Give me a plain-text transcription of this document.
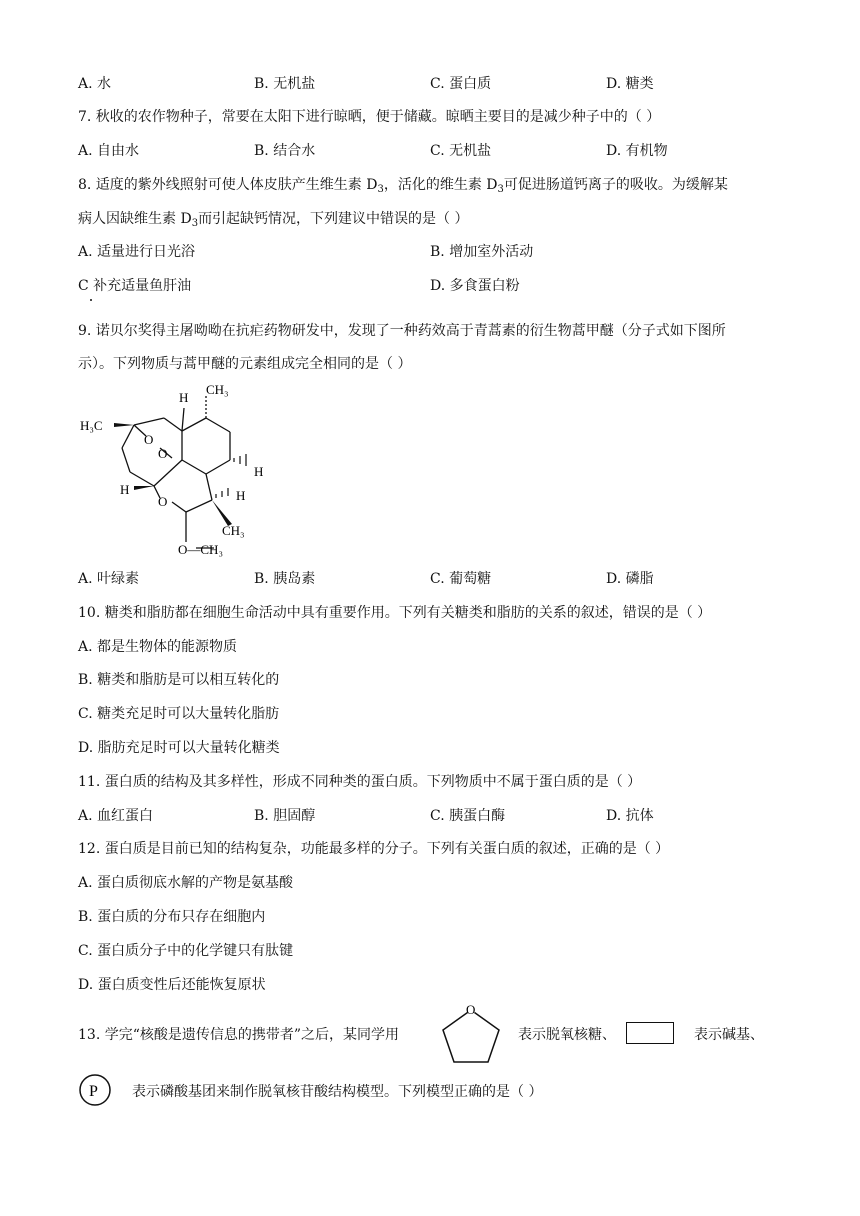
A. 水	B. 无机盐	C. 蛋白质	D. 糖类
7. 秋收的农作物种子，常要在太阳下进行晾晒，便于储藏。晾晒主要目的是减少种子中的（ ）
A. 自由水	B. 结合水	C. 无机盐	D. 有机物
8. 适度的紫外线照射可使人体皮肤产生维生素 $D_3$，活化的维生素 $D_3$可促进肠道钙离子的吸收。为缓解某
病人因缺维生素 $D_3$而引起缺钙情况，下列建议中错误的是（ ）
A. 适量进行日光浴	B. 增加室外活动
C 补充适量鱼肝油	D. 多食蛋白粉
9. 诺贝尔奖得主屠呦呦在抗疟药物研发中，发现了一种药效高于青蒿素的衍生物蒿甲醚（分子式如下图所
示）。下列物质与蒿甲醚的元素组成完全相同的是（ ）
CH₃
H₃C
H
O
O
H
H	H
O
CH₃
O—CH₃
A. 叶绿素	B. 胰岛素	C. 葡萄糖	D. 磷脂
10. 糖类和脂肪都在细胞生命活动中具有重要作用。下列有关糖类和脂肪的关系的叙述，错误的是（ ）
A. 都是生物体的能源物质
B. 糖类和脂肪是可以相互转化的
C. 糖类充足时可以大量转化脂肪
D. 脂肪充足时可以大量转化糖类
11. 蛋白质的结构及其多样性，形成不同种类的蛋白质。下列物质中不属于蛋白质的是（ ）
A. 血红蛋白	B. 胆固醇	C. 胰蛋白酶	D. 抗体
12. 蛋白质是目前已知的结构复杂，功能最多样的分子。下列有关蛋白质的叙述，正确的是（ ）
A. 蛋白质彻底水解的产物是氨基酸
B. 蛋白质的分布只存在细胞内
C. 蛋白质分子中的化学键只有肽键
D. 蛋白质变性后还能恢复原状
13. 学完“核酸是遗传信息的携带者”之后，某同学用
O
表示脱氧核糖、	表示碱基、
P 表示磷酸基团来制作脱氧核苷酸结构模型。下列模型正确的是（ ）
